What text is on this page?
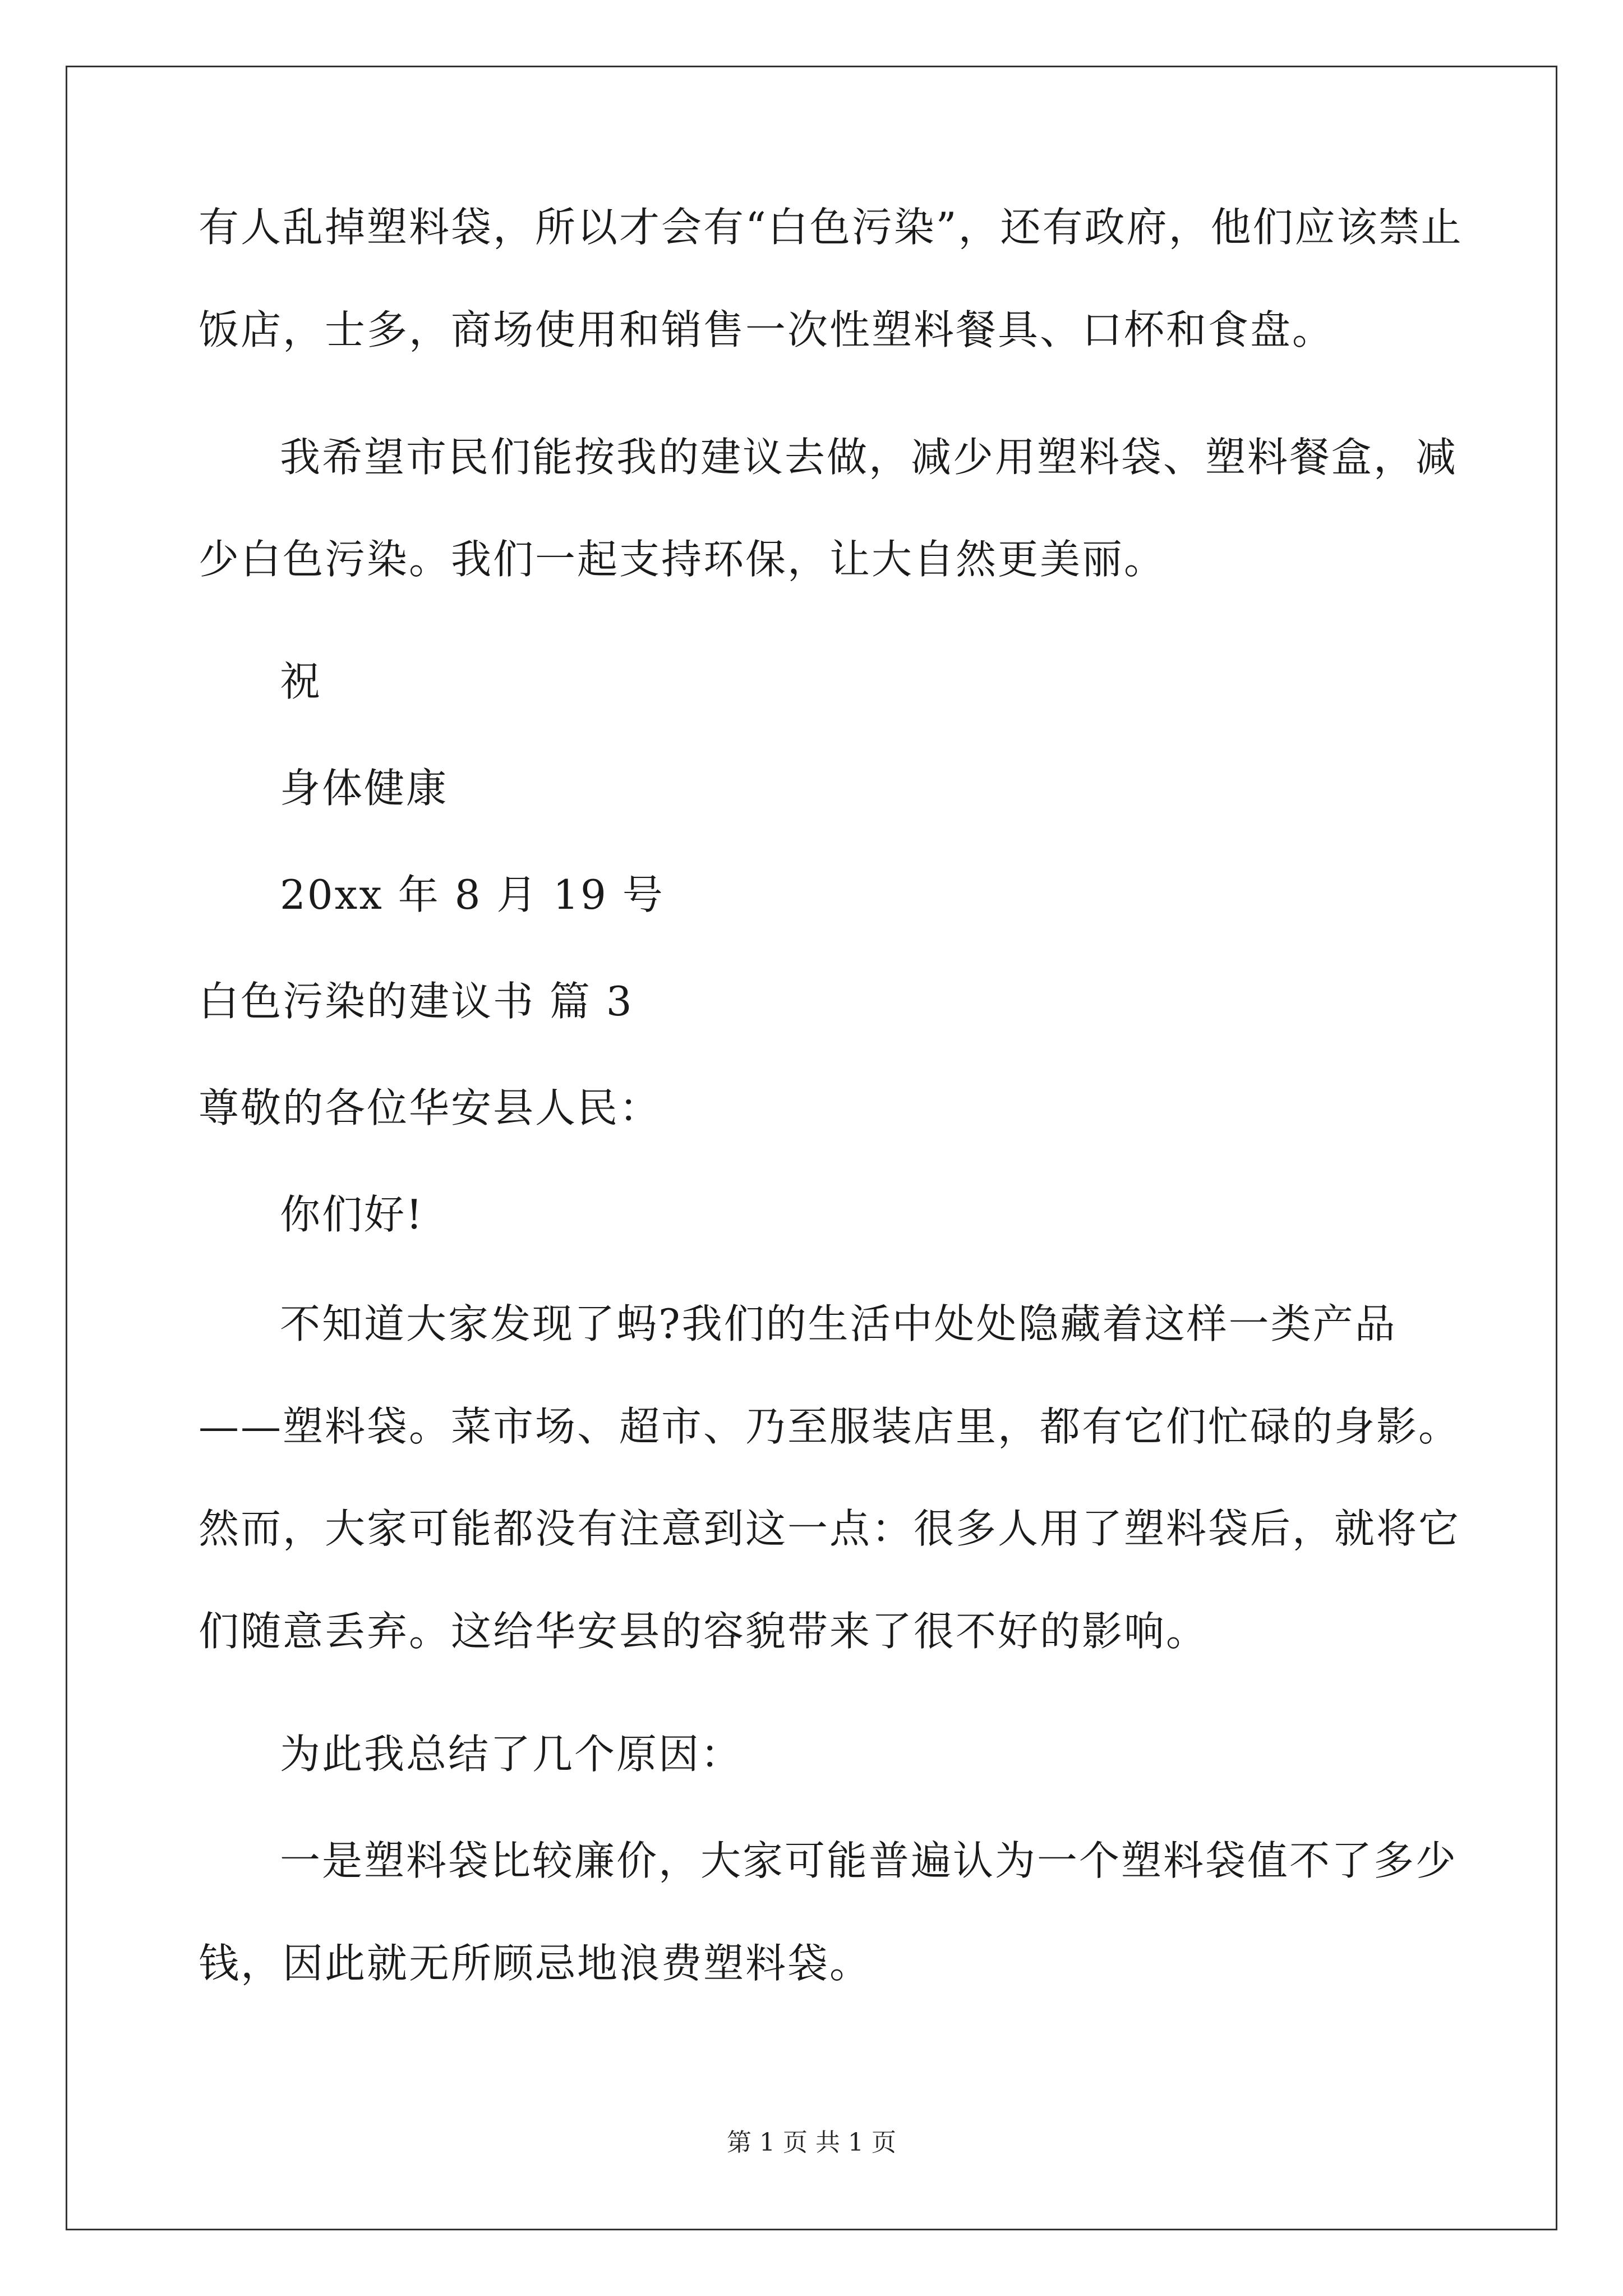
有人乱掉塑料袋，所以才会有“白色污染”，还有政府，他们应该禁止
饭店，士多，商场使用和销售一次性塑料餐具、口杯和食盘。
我希望市民们能按我的建议去做，减少用塑料袋、塑料餐盒，减
少白色污染。我们一起支持环保，让大自然更美丽。
祝
身体健康
20xx 年 8 月 19 号
白色污染的建议书 篇 3
尊敬的各位华安县人民：
你们好!
不知道大家发现了蚂?我们的生活中处处隐藏着这样一类产品
——塑料袋。菜市场、超市、乃至服装店里，都有它们忙碌的身影。
然而，大家可能都没有注意到这一点：很多人用了塑料袋后，就将它
们随意丢弃。这给华安县的容貌带来了很不好的影响。
为此我总结了几个原因：
一是塑料袋比较廉价，大家可能普遍认为一个塑料袋值不了多少
钱，因此就无所顾忌地浪费塑料袋。
第 1 页 共 1 页
